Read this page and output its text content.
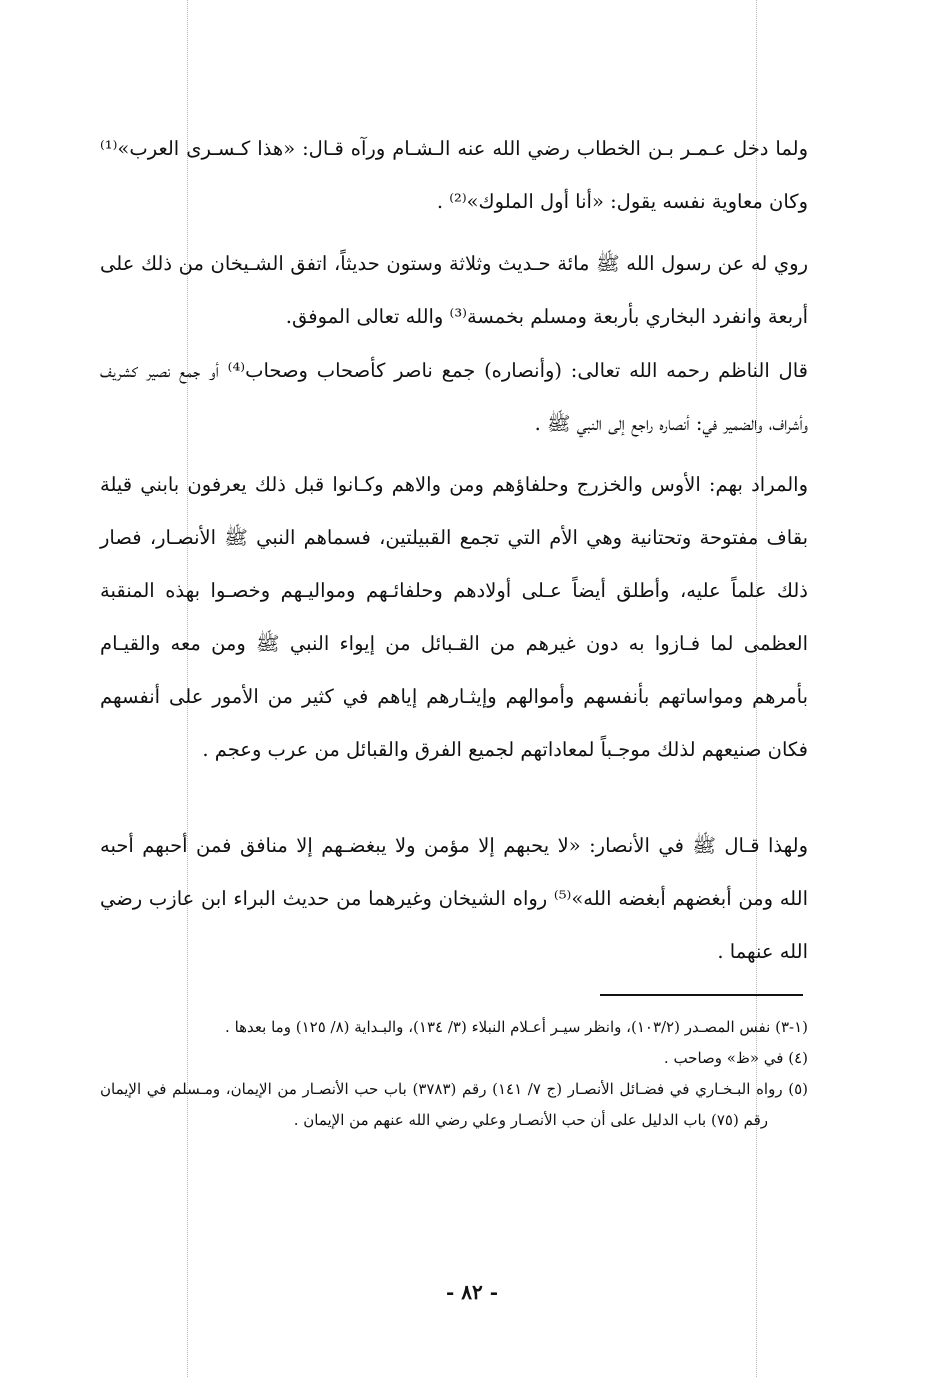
ولما دخل عـمـر بـن الخطاب رضي الله عنه الـشـام ورآه قـال: «هذا كـسـرى العرب»⁽¹⁾ وكان معاوية نفسه يقول: «أنا أول الملوك»⁽²⁾ .

روي له عن رسول الله ﷺ مائة حـديث وثلاثة وستون حديثاً، اتفق الشـيخان من ذلك على أربعة وانفرد البخاري بأربعة ومسلم بخمسة⁽³⁾ والله تعالى الموفق.

قال الناظم رحمه الله تعالى: (وأنصاره) جمع ناصر كأصحاب وصحاب⁽⁴⁾ أو جمع نصير كشريف وأشراف، والضمير في: أنصاره راجع إلى النبي ﷺ .

والمراد بهم: الأوس والخزرج وحلفاؤهم ومن والاهم وكـانوا قبل ذلك يعرفون بابني قيلة بقاف مفتوحة وتحتانية وهي الأم التي تجمع القبيلتين، فسماهم النبي ﷺ الأنصـار، فصار ذلك علماً عليه، وأطلق أيضاً عـلى أولادهم وحلفائـهم ومواليـهم وخصـوا بهذه المنقبة العظمى لما فـازوا به دون غيرهم من القـبائل من إيواء النبي ﷺ ومن معه والقيـام بأمرهم ومواساتهم بأنفسهم وأموالهم وإيثـارهم إياهم في كثير من الأمور على أنفسهم فكان صنيعهم لذلك موجـباً لمعاداتهم لجميع الفرق والقبائل من عرب وعجم .

ولهذا قـال ﷺ في الأنصار: «لا يحبهم إلا مؤمن ولا يبغضـهم إلا منافق فمن أحبهم أحبه الله ومن أبغضهم أبغضه الله»⁽⁵⁾ رواه الشيخان وغيرهما من حديث البراء ابن عازب رضي الله عنهما .

(١-٣) نفس المصـدر (١٠٣/٢)، وانظر سيـر أعـلام النبلاء (٣/ ١٣٤)، والبـداية (٨/ ١٢٥) وما بعدها .

(٤) في «ظ» وصاحب .

(٥) رواه البـخـاري في فضـائل الأنصـار (ج ٧/ ١٤١) رقم (٣٧٨٣) باب حب الأنصـار من الإيمان، ومـسلم في الإيمان رقم (٧٥) باب الدليل على أن حب الأنصـار وعلي رضي الله عنهم من الإيمان .

- ٨٢ -
